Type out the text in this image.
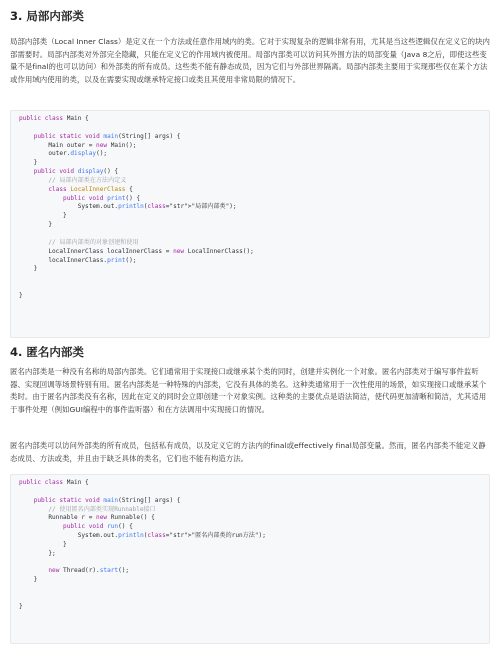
3. 局部内部类

局部内部类（Local Inner Class）是定义在一个方法或任意作用域内的类。它对于实现复杂的逻辑非常有用，尤其是当这些逻辑仅在定义它的块内部需要时。局部内部类对外部完全隐藏，只能在定义它的作用域内被使用。局部内部类可以访问其外围方法的局部变量（Java 8之后，即使这些变量不是final的也可以访问）和外部类的所有成员。这些类不能有静态成员，因为它们与外部世界隔离。局部内部类主要用于实现那些仅在某个方法或作用域内使用的类，以及在需要实现或继承特定接口或类且其使用非常局限的情况下。

public class Main {
public static void main(String[] args) {
Main outer = new Main();
outer.display();
}
public void display() {
// 局部内部类在方法内定义
class LocalInnerClass {
public void print() {
System.out.println(class="str">"局部内部类");
}
}
// 局部内部类的对象创建和使用
LocalInnerClass localInnerClass = new LocalInnerClass();
localInnerClass.print();
}
}
4. 匿名内部类

匿名内部类是一种没有名称的局部内部类。它们通常用于实现接口或继承某个类的同时，创建并实例化一个对象。匿名内部类对于编写事件监听器、实现回调等场景特别有用。匿名内部类是一种特殊的内部类，它没有具体的类名。这种类通常用于一次性使用的场景，如实现接口或继承某个类时。由于匿名内部类没有名称，因此在定义的同时会立即创建一个对象实例。这种类的主要优点是语法简洁，使代码更加清晰和简洁，尤其适用于事件处理（例如GUI编程中的事件监听器）和在方法调用中实现接口的情况。

匿名内部类可以访问外部类的所有成员，包括私有成员，以及定义它的方法内的final或effectively final局部变量。然而，匿名内部类不能定义静态成员、方法或类，并且由于缺乏具体的类名，它们也不能有构造方法。

public class Main {
public static void main(String[] args) {
// 使用匿名内部类实现Runnable接口
Runnable r = new Runnable() {
public void run() {
System.out.println(class="str">"匿名内部类的run方法");
}
};
new Thread(r).start();
}
}
